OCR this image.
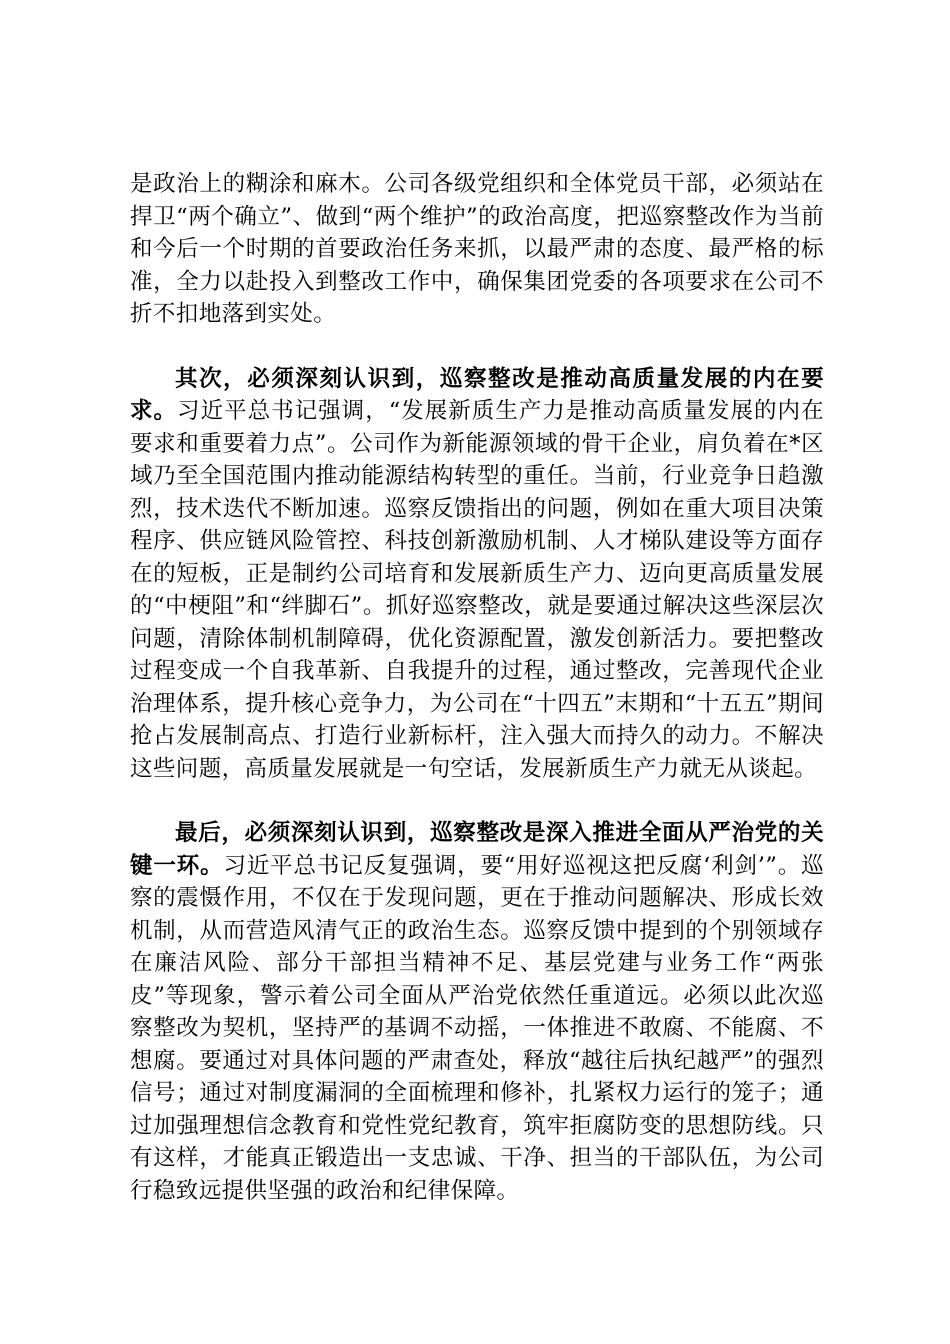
是政治上的糊涂和麻木。公司各级党组织和全体党员干部，必须站在捍卫“两个确立”、做到“两个维护”的政治高度，把巡察整改作为当前和今后一个时期的首要政治任务来抓，以最严肃的态度、最严格的标准，全力以赴投入到整改工作中，确保集团党委的各项要求在公司不折不扣地落到实处。

其次，必须深刻认识到，巡察整改是推动高质量发展的内在要求。习近平总书记强调，“发展新质生产力是推动高质量发展的内在要求和重要着力点”。公司作为新能源领域的骨干企业，肩负着在*区域乃至全国范围内推动能源结构转型的重任。当前，行业竞争日趋激烈，技术迭代不断加速。巡察反馈指出的问题，例如在重大项目决策程序、供应链风险管控、科技创新激励机制、人才梯队建设等方面存在的短板，正是制约公司培育和发展新质生产力、迈向更高质量发展的“中梗阻”和“绊脚石”。抓好巡察整改，就是要通过解决这些深层次问题，清除体制机制障碍，优化资源配置，激发创新活力。要把整改过程变成一个自我革新、自我提升的过程，通过整改，完善现代企业治理体系，提升核心竞争力，为公司在“十四五”末期和“十五五”期间抢占发展制高点、打造行业新标杆，注入强大而持久的动力。不解决这些问题，高质量发展就是一句空话，发展新质生产力就无从谈起。

最后，必须深刻认识到，巡察整改是深入推进全面从严治党的关键一环。习近平总书记反复强调，要“用好巡视这把反腐‘利剑’”。巡察的震慑作用，不仅在于发现问题，更在于推动问题解决、形成长效机制，从而营造风清气正的政治生态。巡察反馈中提到的个别领域存在廉洁风险、部分干部担当精神不足、基层党建与业务工作“两张皮”等现象，警示着公司全面从严治党依然任重道远。必须以此次巡察整改为契机，坚持严的基调不动摇，一体推进不敢腐、不能腐、不想腐。要通过对具体问题的严肃查处，释放“越往后执纪越严”的强烈信号；通过对制度漏洞的全面梳理和修补，扎紧权力运行的笼子；通过加强理想信念教育和党性党纪教育，筑牢拒腐防变的思想防线。只有这样，才能真正锻造出一支忠诚、干净、担当的干部队伍，为公司行稳致远提供坚强的政治和纪律保障。
